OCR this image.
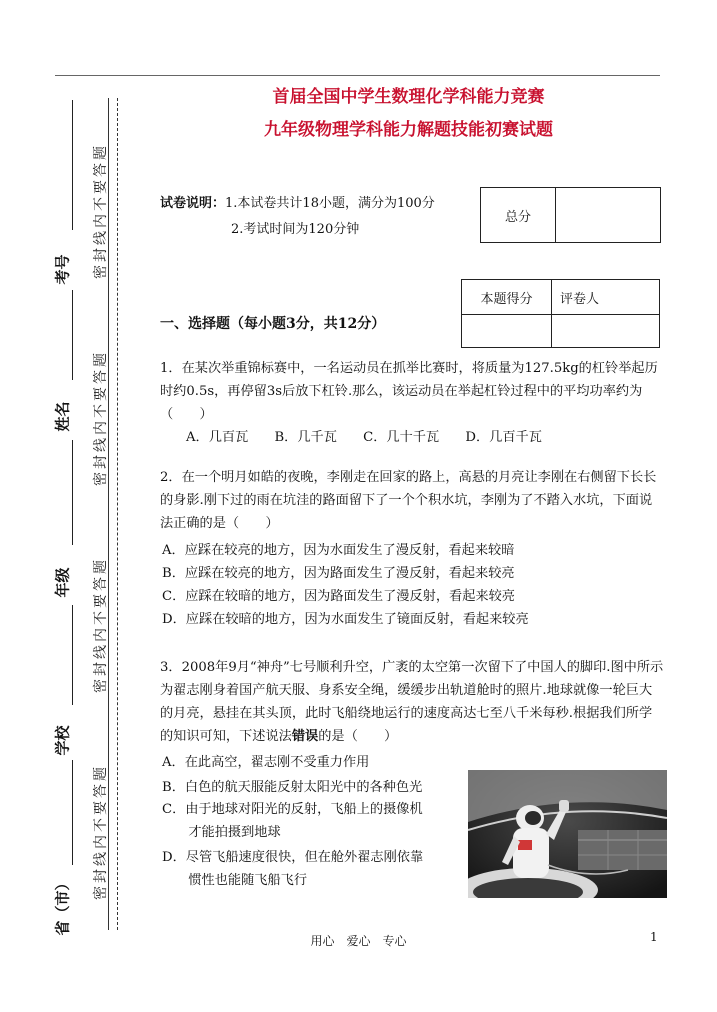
首届全国中学生数理化学科能力竞赛
九年级物理学科能力解题技能初赛试题
密封线内不要答题
密封线内不要答题
密封线内不要答题
密封线内不要答题
考号
姓名
年级
学校
省（市）
试卷说明：1.本试卷共计18小题，满分为100分
2.考试时间为120分钟
总分	
本题得分	评卷人

一、选择题（每小题3分，共12分）
1．在某次举重锦标赛中，一名运动员在抓举比赛时，将质量为127.5kg的杠铃举起历时约0.5s，再停留3s后放下杠铃.那么，该运动员在举起杠铃过程中的平均功率约为（　　）
A．几百瓦 B．几千瓦 C．几十千瓦 D．几百千瓦
2．在一个明月如皓的夜晚，李刚走在回家的路上，高悬的月亮让李刚在右侧留下长长的身影.刚下过的雨在坑洼的路面留下了一个个积水坑，李刚为了不踏入水坑，下面说法正确的是（　　）
A．应踩在较亮的地方，因为水面发生了漫反射，看起来较暗
B．应踩在较亮的地方，因为路面发生了漫反射，看起来较亮
C．应踩在较暗的地方，因为路面发生了漫反射，看起来较亮
D．应踩在较暗的地方，因为水面发生了镜面反射，看起来较亮
3．2008年9月“神舟”七号顺利升空，广袤的太空第一次留下了中国人的脚印.图中所示为翟志刚身着国产航天服、身系安全绳，缓缓步出轨道舱时的照片.地球就像一轮巨大的月亮，悬挂在其头顶，此时飞船绕地运行的速度高达七至八千米每秒.根据我们所学的知识可知，下述说法错误的是（　　）
A．在此高空，翟志刚不受重力作用
B．白色的航天服能反射太阳光中的各种色光
C．由于地球对阳光的反射，飞船上的摄像机
　　才能拍摄到地球
D．尽管飞船速度很快，但在舱外翟志刚依靠
　　惯性也能随飞船飞行
用心　爱心　专心	1
